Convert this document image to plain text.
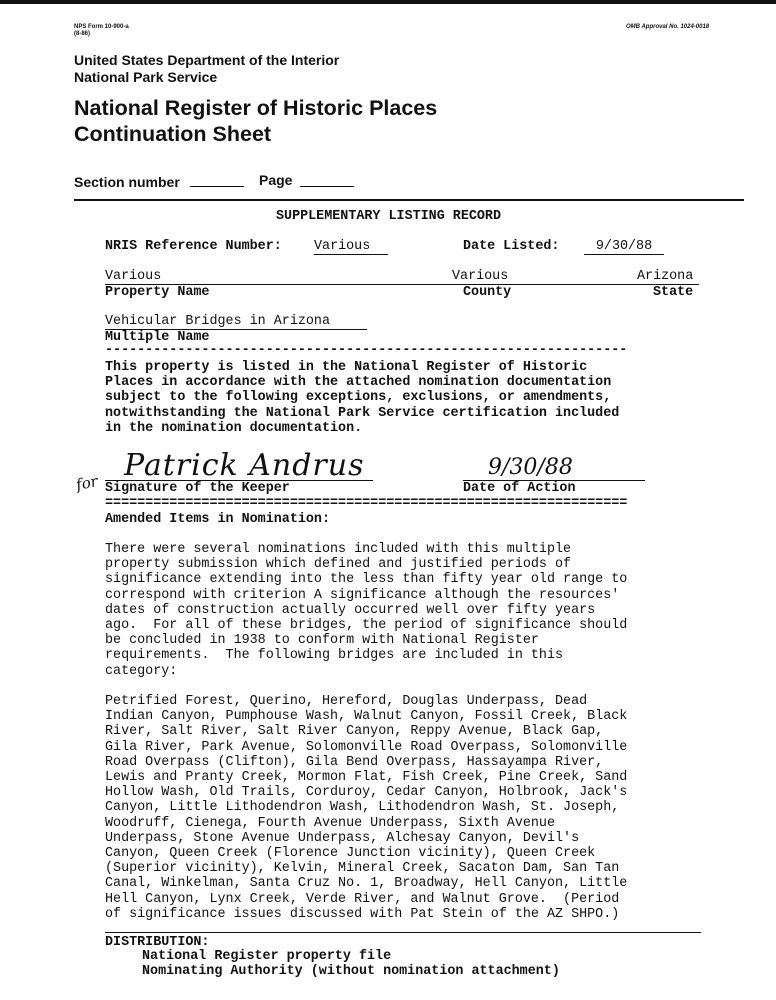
NPS Form 10-900-a
(8-86)
OMB Approval No. 1024-0018
United States Department of the Interior
National Park Service
National Register of Historic Places
Continuation Sheet
Section number	Page
SUPPLEMENTARY LISTING RECORD
NRIS Reference Number: Various	Date Listed:	9/30/88
Various	Various	Arizona
Property Name	County	State
Vehicular Bridges in Arizona
Multiple Name
-----------------------------------------------------------------
This property is listed in the National Register of Historic
Places in accordance with the attached nomination documentation
subject to the following exceptions, exclusions, or amendments,
notwithstanding the National Park Service certification included
in the nomination documentation.
for Patrick Andrus
Signature of the Keeper
9/30/88
Date of Action
=================================================================
Amended Items in Nomination:
There were several nominations included with this multiple
property submission which defined and justified periods of
significance extending into the less than fifty year old range to
correspond with criterion A significance although the resources'
dates of construction actually occurred well over fifty years
ago.  For all of these bridges, the period of significance should
be concluded in 1938 to conform with National Register
requirements.  The following bridges are included in this
category:
Petrified Forest, Querino, Hereford, Douglas Underpass, Dead
Indian Canyon, Pumphouse Wash, Walnut Canyon, Fossil Creek, Black
River, Salt River, Salt River Canyon, Reppy Avenue, Black Gap,
Gila River, Park Avenue, Solomonville Road Overpass, Solomonville
Road Overpass (Clifton), Gila Bend Overpass, Hassayampa River,
Lewis and Pranty Creek, Mormon Flat, Fish Creek, Pine Creek, Sand
Hollow Wash, Old Trails, Corduroy, Cedar Canyon, Holbrook, Jack's
Canyon, Little Lithodendron Wash, Lithodendron Wash, St. Joseph,
Woodruff, Cienega, Fourth Avenue Underpass, Sixth Avenue
Underpass, Stone Avenue Underpass, Alchesay Canyon, Devil's
Canyon, Queen Creek (Florence Junction vicinity), Queen Creek
(Superior vicinity), Kelvin, Mineral Creek, Sacaton Dam, San Tan
Canal, Winkelman, Santa Cruz No. 1, Broadway, Hell Canyon, Little
Hell Canyon, Lynx Creek, Verde River, and Walnut Grove.  (Period
of significance issues discussed with Pat Stein of the AZ SHPO.)
DISTRIBUTION:
National Register property file
Nominating Authority (without nomination attachment)
